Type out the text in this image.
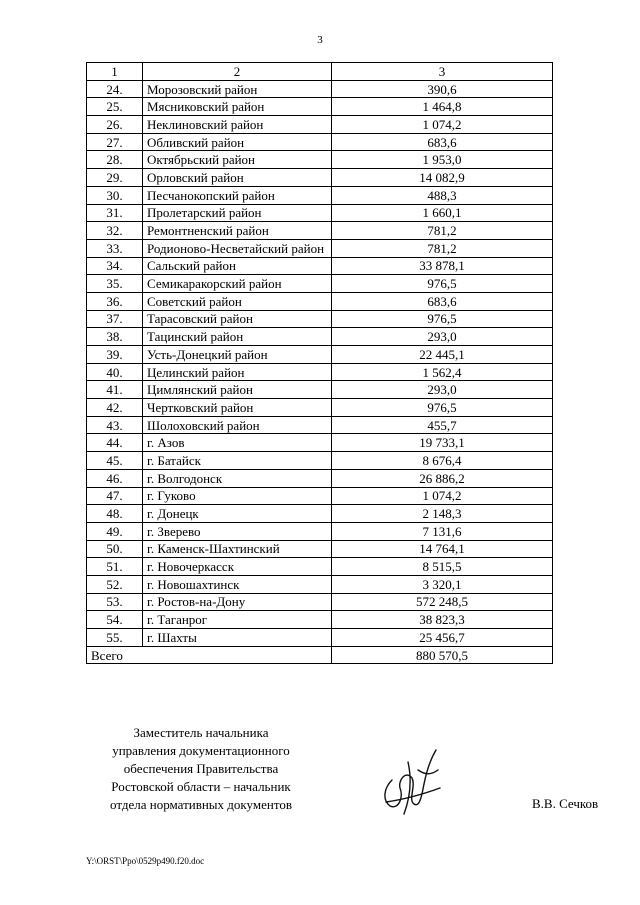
3
1	2	3
24.	Морозовский район	390,6
25.	Мясниковский район	1 464,8
26.	Неклиновский район	1 074,2
27.	Обливский район	683,6
28.	Октябрьский район	1 953,0
29.	Орловский район	14 082,9
30.	Песчанокопский район	488,3
31.	Пролетарский район	1 660,1
32.	Ремонтненский район	781,2
33.	Родионово-Несветайский район	781,2
34.	Сальский район	33 878,1
35.	Семикаракорский район	976,5
36.	Советский район	683,6
37.	Тарасовский район	976,5
38.	Тацинский район	293,0
39.	Усть-Донецкий район	22 445,1
40.	Целинский район	1 562,4
41.	Цимлянский район	293,0
42.	Чертковский район	976,5
43.	Шолоховский район	455,7
44.	г. Азов	19 733,1
45.	г. Батайск	8 676,4
46.	г. Волгодонск	26 886,2
47.	г. Гуково	1 074,2
48.	г. Донецк	2 148,3
49.	г. Зверево	7 131,6
50.	г. Каменск-Шахтинский	14 764,1
51.	г. Новочеркасск	8 515,5
52.	г. Новошахтинск	3 320,1
53.	г. Ростов-на-Дону	572 248,5
54.	г. Таганрог	38 823,3
55.	г. Шахты	25 456,7
Всего		880 570,5
Заместитель начальника
управления документационного
обеспечения Правительства
Ростовской области – начальник
отдела нормативных документов	В.В. Сечков
Y:\ORST\Ppo\0529p490.f20.doc
